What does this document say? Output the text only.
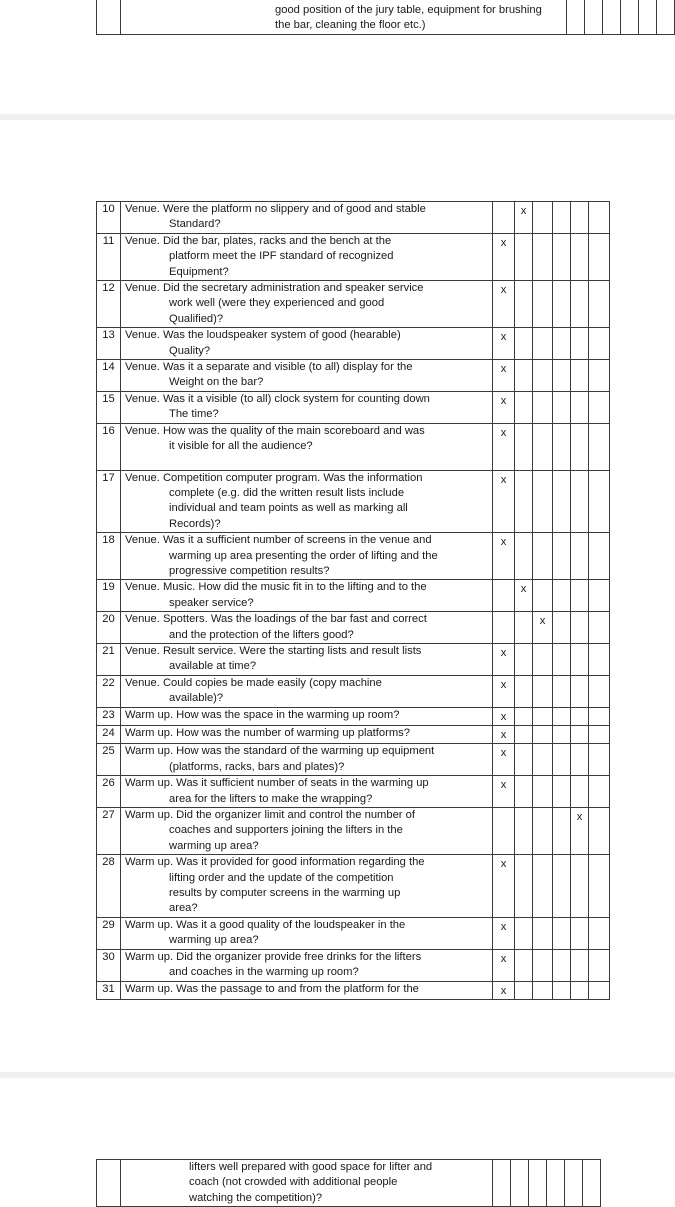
good position of the jury table, equipment for brushing
the bar, cleaning the floor etc.)

10	Venue. Were the platform no slippery and of good and stable
Standard?		x				
11	Venue. Did the bar, plates, racks and the bench at the
platform meet the IPF standard of recognized
Equipment?	x					
12	Venue. Did the secretary administration and speaker service
work well (were they experienced and good
Qualified)?	x					
13	Venue. Was the loudspeaker system of good (hearable)
Quality?	x					
14	Venue. Was it a separate and visible (to all) display for the
Weight on the bar?	x					
15	Venue. Was it a visible (to all) clock system for counting down
The time?	x					
16	Venue. How was the quality of the main scoreboard and was
it visible for all the audience?	x					
17	Venue. Competition computer program. Was the information
complete (e.g. did the written result lists include
individual and team points as well as marking all
Records)?	x					
18	Venue. Was it a sufficient number of screens in the venue and
warming up area presenting the order of lifting and the
progressive competition results?	x					
19	Venue. Music. How did the music fit in to the lifting and to the
speaker service?		x				
20	Venue. Spotters. Was the loadings of the bar fast and correct
and the protection of the lifters good?			x			
21	Venue. Result service. Were the starting lists and result lists
available at time?	x					
22	Venue. Could copies be made easily (copy machine
available)?	x					
23	Warm up. How was the space in the warming up room?	x					
24	Warm up. How was the number of warming up platforms?	x					
25	Warm up. How was the standard of the warming up equipment
(platforms, racks, bars and plates)?	x					
26	Warm up. Was it sufficient number of seats in the warming up
area for the lifters to make the wrapping?	x					
27	Warm up. Did the organizer limit and control the number of
coaches and supporters joining the lifters in the
warming up area?					x	
28	Warm up. Was it provided for good information regarding the
lifting order and the update of the competition
results by computer screens in the warming up
area?	x					
29	Warm up. Was it a good quality of the loudspeaker in the
warming up area?	x					
30	Warm up. Did the organizer provide free drinks for the lifters
and coaches in the warming up room?	x					
31	Warm up. Was the passage to and from the platform for the	x					

lifters well prepared with good space for lifter and
coach (not crowded with additional people
watching the competition)?
